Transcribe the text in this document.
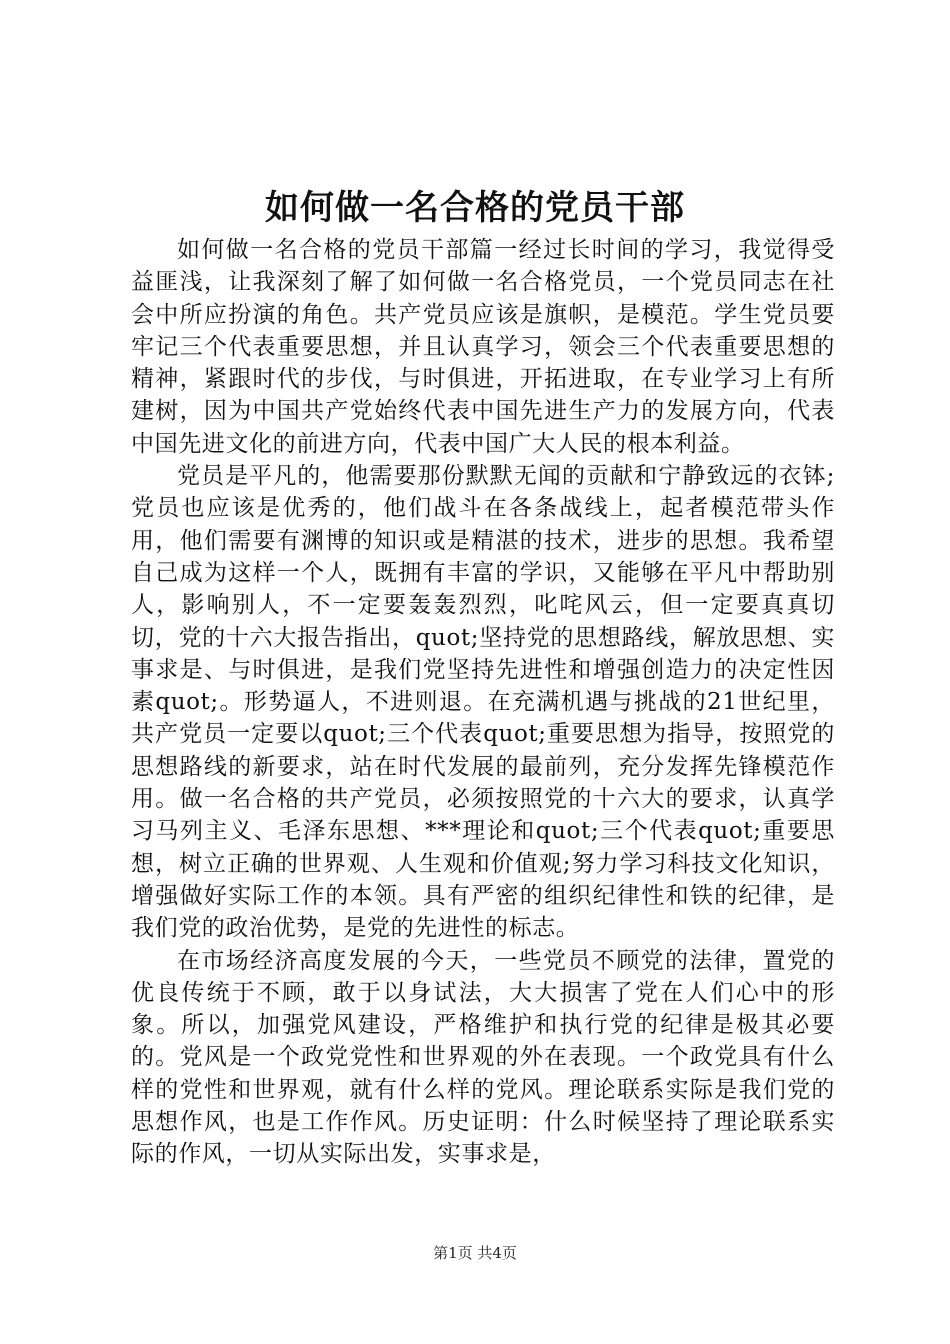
如何做一名合格的党员干部

如何做一名合格的党员干部篇一经过长时间的学习，我觉得受益匪浅，让我深刻了解了如何做一名合格党员，一个党员同志在社会中所应扮演的角色。共产党员应该是旗帜，是模范。学生党员要牢记三个代表重要思想，并且认真学习，领会三个代表重要思想的精神，紧跟时代的步伐，与时俱进，开拓进取，在专业学习上有所建树，因为中国共产党始终代表中国先进生产力的发展方向，代表中国先进文化的前进方向，代表中国广大人民的根本利益。

党员是平凡的，他需要那份默默无闻的贡献和宁静致远的衣钵;党员也应该是优秀的，他们战斗在各条战线上，起者模范带头作用，他们需要有渊博的知识或是精湛的技术，进步的思想。我希望自己成为这样一个人，既拥有丰富的学识，又能够在平凡中帮助别人，影响别人，不一定要轰轰烈烈，叱咤风云，但一定要真真切切，党的十六大报告指出，quot;坚持党的思想路线，解放思想、实事求是、与时俱进，是我们党坚持先进性和增强创造力的决定性因素quot;。形势逼人，不进则退。在充满机遇与挑战的21世纪里，共产党员一定要以quot;三个代表quot;重要思想为指导，按照党的思想路线的新要求，站在时代发展的最前列，充分发挥先锋模范作用。做一名合格的共产党员，必须按照党的十六大的要求，认真学习马列主义、毛泽东思想、***理论和quot;三个代表quot;重要思想，树立正确的世界观、人生观和价值观;努力学习科技文化知识，增强做好实际工作的本领。具有严密的组织纪律性和铁的纪律，是我们党的政治优势，是党的先进性的标志。

在市场经济高度发展的今天，一些党员不顾党的法律，置党的优良传统于不顾，敢于以身试法，大大损害了党在人们心中的形象。所以，加强党风建设，严格维护和执行党的纪律是极其必要的。党风是一个政党党性和世界观的外在表现。一个政党具有什么样的党性和世界观，就有什么样的党风。理论联系实际是我们党的思想作风，也是工作作风。历史证明：什么时候坚持了理论联系实际的作风，一切从实际出发，实事求是，

第1页 共4页
